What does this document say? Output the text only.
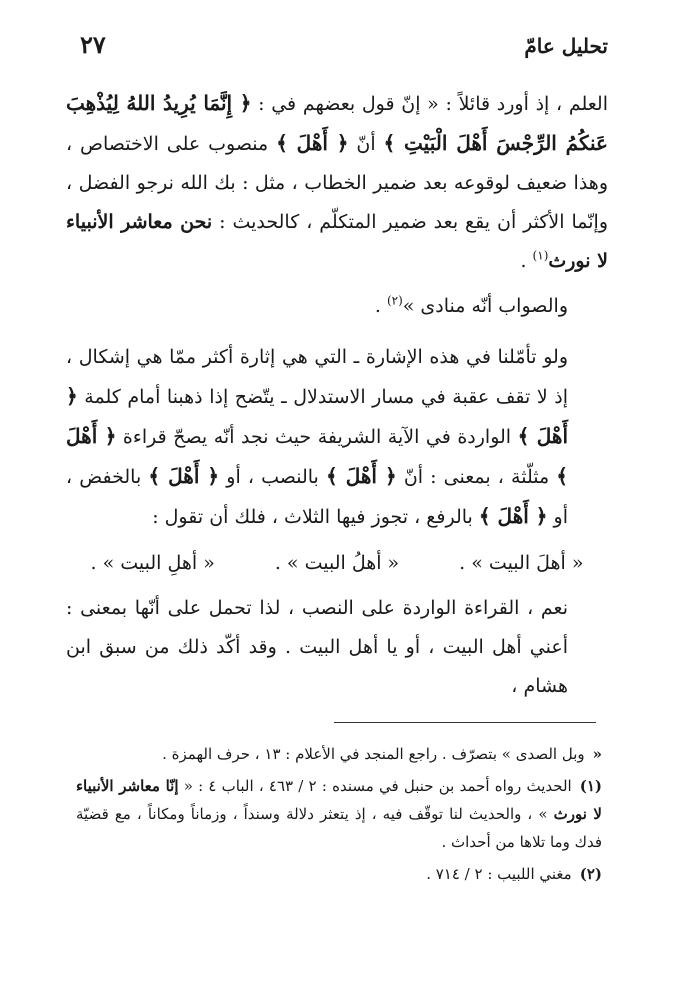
تحليل عامّ
٢٧

العلم ، إذ أورد قائلاً : « إنّ قول بعضهم في : ﴿ إِنَّمَا يُرِيدُ اللهُ لِيُذْهِبَ عَنكُمُ الرِّجْسَ أَهْلَ الْبَيْتِ ﴾ أنّ ﴿ أَهْلَ ﴾ منصوب على الاختصاص ، وهذا ضعيف لوقوعه بعد ضمير الخطاب ، مثل : بك الله نرجو الفضل ، وإنّما الأكثر أن يقع بعد ضمير المتكلّم ، كالحديث : نحن معاشر الأنبياء لا نورث$^{(١)}$ .

والصواب أنّه منادى »$^{(٢)}$ .

ولو تأمّلنا في هذه الإشارة ـ التي هي إثارة أكثر ممّا هي إشكال ، إذ لا تقف عقبة في مسار الاستدلال ـ يتّضح إذا ذهبنا أمام كلمة ﴿ أَهْلَ ﴾ الواردة في الآية الشريفة حيث نجد أنّه يصحّ قراءة ﴿ أَهْلَ ﴾ مثلّثة ، بمعنى : أنّ ﴿ أَهْلَ ﴾ بالنصب ، أو ﴿ أَهْلَ ﴾ بالخفض ، أو ﴿ أَهْلَ ﴾ بالرفع ، تجوز فيها الثلاث ، فلك أن تقول :

« أهلَ البيت » .
« أهلُ البيت » .
« أهلِ البيت » .

نعم ، القراءة الواردة على النصب ، لذا تحمل على أنّها بمعنى : أعني أهل البيت ، أو يا أهل البيت . وقد أكّد ذلك من سبق ابن هشام ،

«وبل الصدى » بتصرّف . راجع المنجد في الأعلام : ١٣ ، حرف الهمزة .

(١)الحديث رواه أحمد بن حنبل في مسنده : ٢ / ٤٦٣ ، الباب ٤ : « إنّا معاشر الأنبياء لا نورث » ، والحديث لنا توقّف فيه ، إذ يتعثر دلالة وسنداً ، وزماناً ومكاناً ، مع قضيّة فدك وما تلاها من أحداث .

(٢)مغني اللبيب : ٢ / ٧١٤ .
